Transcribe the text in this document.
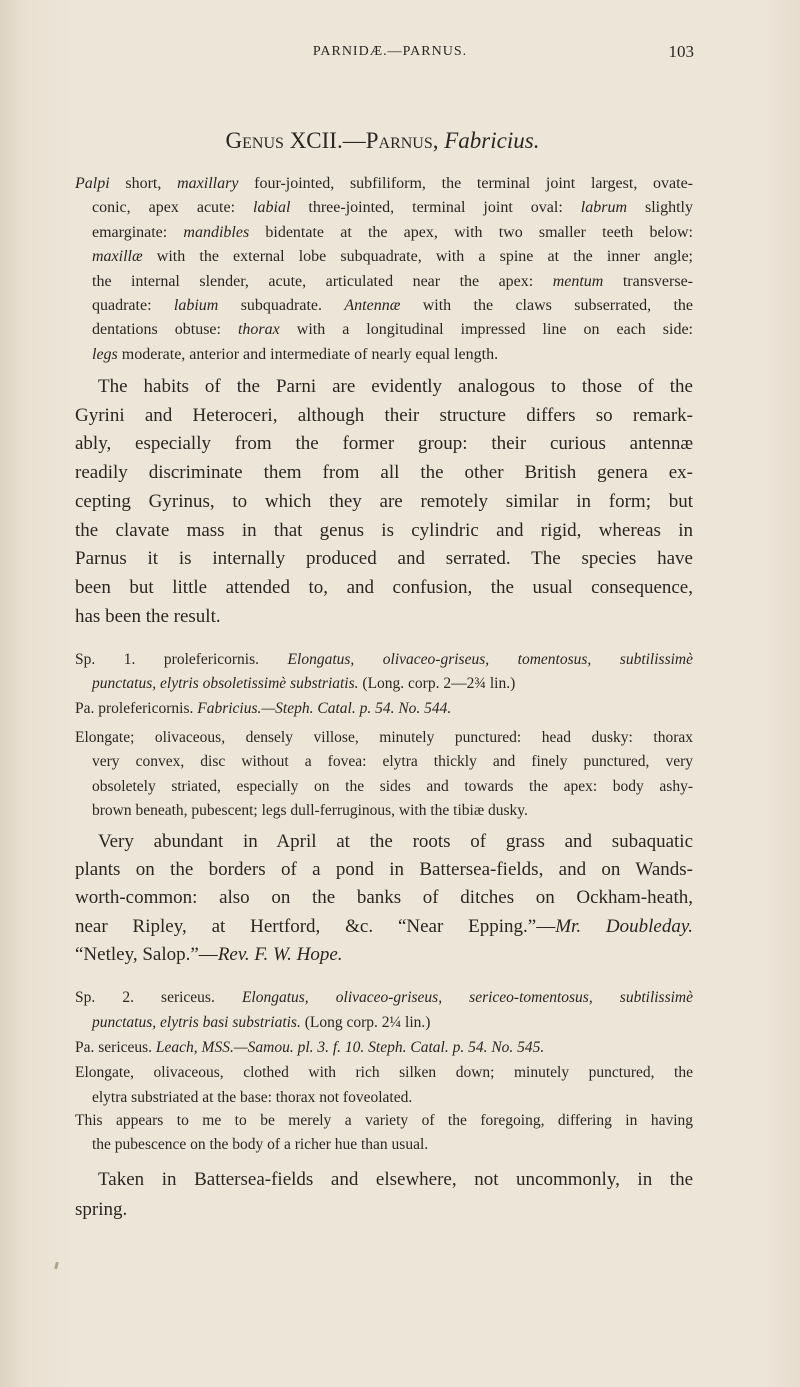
PARNIDÆ.—PARNUS.	103
Genus XCII.—Parnus, Fabricius.
Palpi short, maxillary four-jointed, subfiliform, the terminal joint largest, ovate-
conic, apex acute: labial three-jointed, terminal joint oval: labrum slightly
emarginate: mandibles bidentate at the apex, with two smaller teeth below:
maxillæ with the external lobe subquadrate, with a spine at the inner angle;
the internal slender, acute, articulated near the apex: mentum transverse-
quadrate: labium subquadrate. Antennæ with the claws subserrated, the
dentations obtuse: thorax with a longitudinal impressed line on each side:
legs moderate, anterior and intermediate of nearly equal length.
The habits of the Parni are evidently analogous to those of the
Gyrini and Heteroceri, although their structure differs so remark-
ably, especially from the former group: their curious antennæ
readily discriminate them from all the other British genera ex-
cepting Gyrinus, to which they are remotely similar in form; but
the clavate mass in that genus is cylindric and rigid, whereas in
Parnus it is internally produced and serrated. The species have
been but little attended to, and confusion, the usual consequence,
has been the result.
Sp. 1. prolefericornis. Elongatus, olivaceo-griseus, tomentosus, subtilissimè
punctatus, elytris obsoletissimè substriatis. (Long. corp. 2—2¾ lin.)
Pa. prolefericornis. Fabricius.—Steph. Catal. p. 54. No. 544.
Elongate; olivaceous, densely villose, minutely punctured: head dusky: thorax
very convex, disc without a fovea: elytra thickly and finely punctured, very
obsoletely striated, especially on the sides and towards the apex: body ashy-
brown beneath, pubescent; legs dull-ferruginous, with the tibiæ dusky.
Very abundant in April at the roots of grass and subaquatic
plants on the borders of a pond in Battersea-fields, and on Wands-
worth-common: also on the banks of ditches on Ockham-heath,
near Ripley, at Hertford, &c. “Near Epping.”—Mr. Doubleday.
“Netley, Salop.”—Rev. F. W. Hope.
Sp. 2. sericeus. Elongatus, olivaceo-griseus, sericeo-tomentosus, subtilissimè
punctatus, elytris basi substriatis. (Long corp. 2¼ lin.)
Pa. sericeus. Leach, MSS.—Samou. pl. 3. f. 10. Steph. Catal. p. 54. No. 545.
Elongate, olivaceous, clothed with rich silken down; minutely punctured, the
elytra substriated at the base: thorax not foveolated.
This appears to me to be merely a variety of the foregoing, differing in having
the pubescence on the body of a richer hue than usual.
Taken in Battersea-fields and elsewhere, not uncommonly, in the
spring.
